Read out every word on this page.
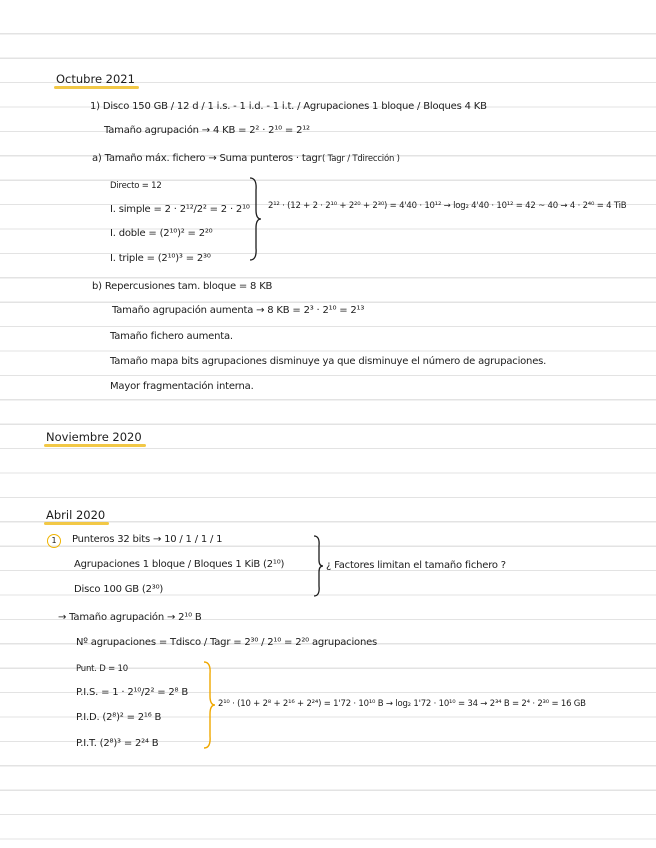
Octubre 2021
1) Disco 150 GB / 12 d / 1 i.s. - 1 i.d. - 1 i.t. / Agrupaciones 1 bloque / Bloques 4 KB
Tamaño agrupación → 4 KB = 2² · 2¹⁰ = 2¹²
a) Tamaño máx. fichero → Suma punteros · tagr ( Tagr / Tdirección )
Directo = 12
I. simple = 2 · 2¹²/2² = 2 · 2¹⁰
I. doble = (2¹⁰)² = 2²⁰
I. triple = (2¹⁰)³ = 2³⁰
2¹² · (12 + 2 · 2¹⁰ + 2²⁰ + 2³⁰) = 4'40 · 10¹² → log₂ 4'40 · 10¹² = 42 ~ 40 → 4 · 2⁴⁰ = 4 TiB
b) Repercusiones tam. bloque = 8 KB
Tamaño agrupación aumenta → 8 KB = 2³ · 2¹⁰ = 2¹³
Tamaño fichero aumenta.
Tamaño mapa bits agrupaciones disminuye ya que disminuye el número de agrupaciones.
Mayor fragmentación interna.
Noviembre 2020
Abril 2020
1	Punteros 32 bits → 10 / 1 / 1 / 1
Agrupaciones 1 bloque / Bloques 1 KiB (2¹⁰)
Disco 100 GB (2³⁰)
¿ Factores limitan el tamaño fichero ?
→ Tamaño agrupación → 2¹⁰ B
Nº agrupaciones = Tdisco / Tagr = 2³⁰ / 2¹⁰ = 2²⁰ agrupaciones
Punt. D = 10
P.I.S. = 1 · 2¹⁰/2² = 2⁸ B
P.I.D. (2⁸)² = 2¹⁶ B
P.I.T. (2⁸)³ = 2²⁴ B
2¹⁰ · (10 + 2⁸ + 2¹⁶ + 2²⁴) = 1'72 · 10¹⁰ B → log₂ 1'72 · 10¹⁰ = 34 → 2³⁴ B = 2⁴ · 2³⁰ = 16 GB
